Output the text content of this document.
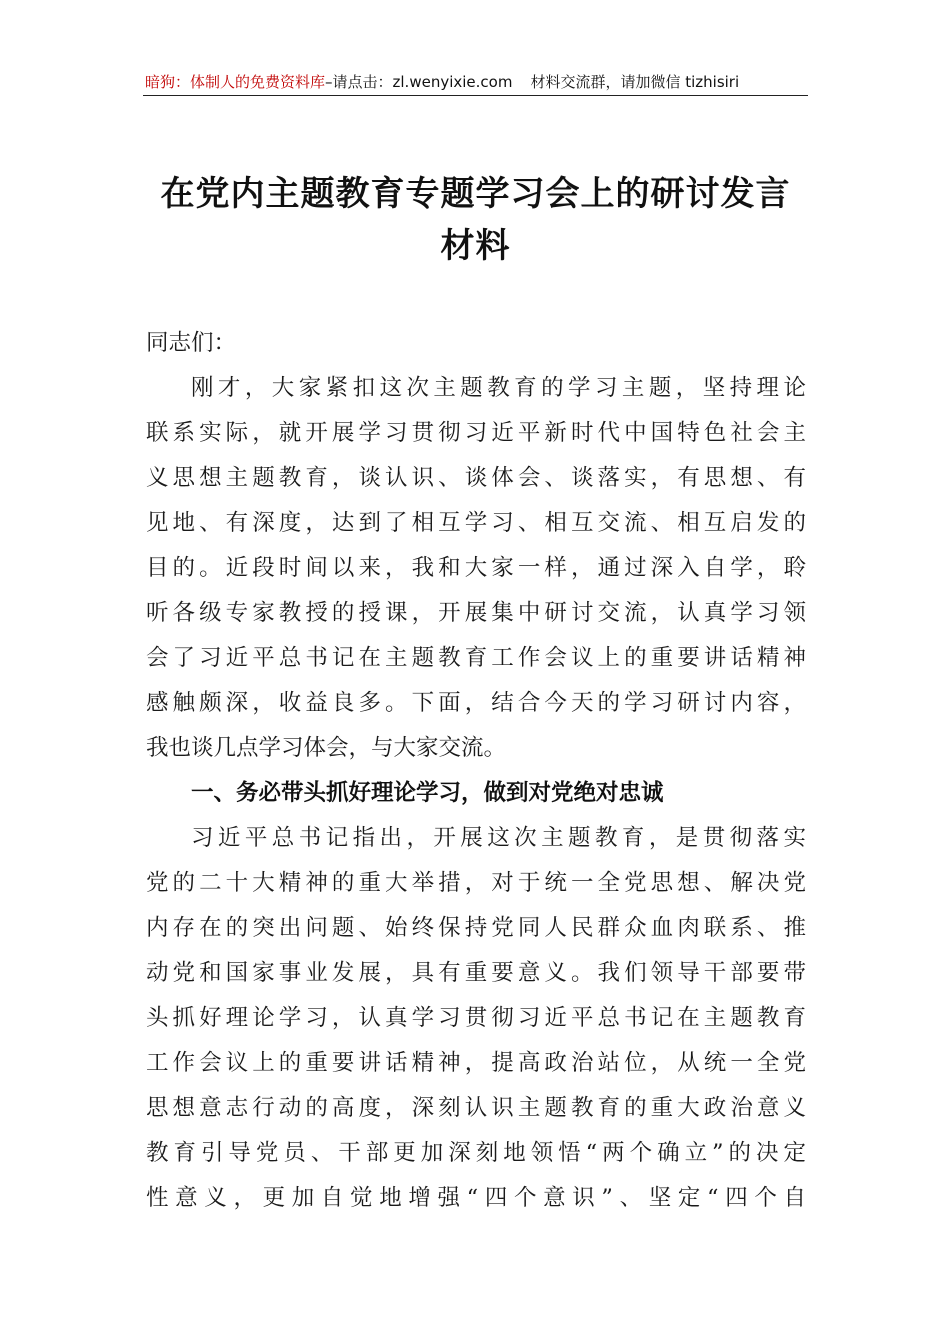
暗狗：体制人的免费资料库–请点击：zl.wenyixie.com 材料交流群，请加微信 tizhisiri
在党内主题教育专题学习会上的研讨发言
材料
同志们：
刚才，大家紧扣这次主题教育的学习主题，坚持理论
联系实际，就开展学习贯彻习近平新时代中国特色社会主
义思想主题教育，谈认识、谈体会、谈落实，有思想、有
见地、有深度，达到了相互学习、相互交流、相互启发的
目的。近段时间以来，我和大家一样，通过深入自学，聆
听各级专家教授的授课，开展集中研讨交流，认真学习领
会了习近平总书记在主题教育工作会议上的重要讲话精神
感触颇深，收益良多。下面，结合今天的学习研讨内容，
我也谈几点学习体会，与大家交流。
一、务必带头抓好理论学习，做到对党绝对忠诚
习近平总书记指出，开展这次主题教育，是贯彻落实
党的二十大精神的重大举措，对于统一全党思想、解决党
内存在的突出问题、始终保持党同人民群众血肉联系、推
动党和国家事业发展，具有重要意义。我们领导干部要带
头抓好理论学习，认真学习贯彻习近平总书记在主题教育
工作会议上的重要讲话精神，提高政治站位，从统一全党
思想意志行动的高度，深刻认识主题教育的重大政治意义
教育引导党员、干部更加深刻地领悟“两个确立”的决定
性意义，更加自觉地增强“四个意识”、坚定“四个自
